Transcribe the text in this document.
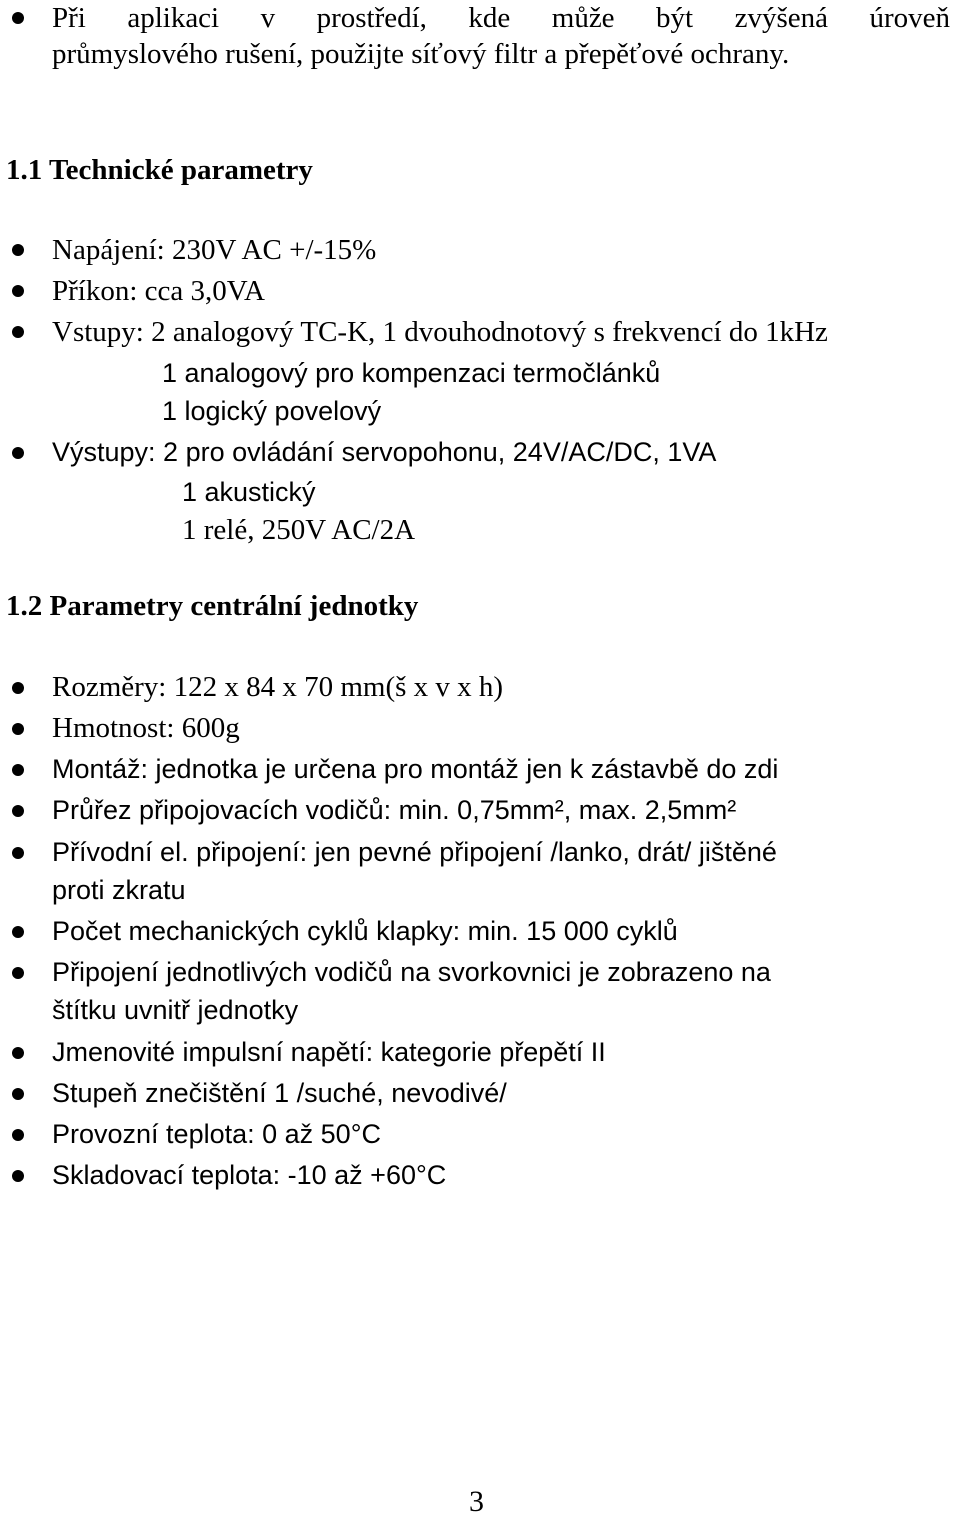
Při aplikaci v prostředí, kde může být zvýšená úroveň
průmyslového rušení, použijte síťový filtr a přepěťové ochrany.
1.1 Technické parametry
Napájení: 230V AC +/-15%
Příkon: cca 3,0VA
Vstupy: 2 analogový TC-K, 1 dvouhodnotový s frekvencí do 1kHz
1 analogový pro kompenzaci termočlánků
1 logický povelový
Výstupy: 2 pro ovládání servopohonu, 24V/AC/DC, 1VA
1 akustický
1 relé, 250V AC/2A
1.2 Parametry centrální jednotky
Rozměry: 122 x 84 x 70 mm(š x v x h)
Hmotnost: 600g
Montáž: jednotka je určena pro montáž jen k zástavbě do zdi
Průřez připojovacích vodičů: min. 0,75mm², max. 2,5mm²
Přívodní el. připojení: jen pevné připojení /lanko, drát/ jištěné
proti zkratu
Počet mechanických cyklů klapky: min. 15 000 cyklů
Připojení jednotlivých vodičů na svorkovnici je zobrazeno na
štítku uvnitř jednotky
Jmenovité impulsní napětí: kategorie přepětí II
Stupeň znečištění 1 /suché, nevodivé/
Provozní teplota: 0 až 50°C
Skladovací teplota: -10 až +60°C
3
